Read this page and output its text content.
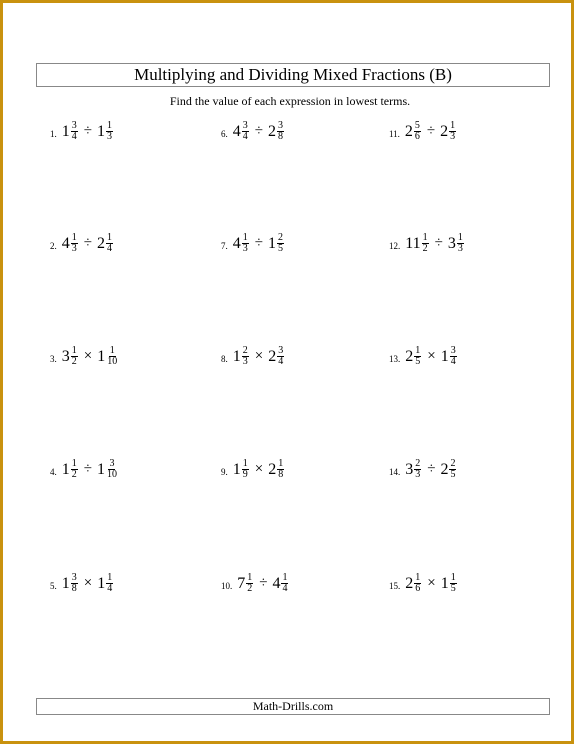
Multiplying and Dividing Mixed Fractions (B)
Find the value of each expression in lowest terms.
1. $1 \frac{3}{4} \div 1 \frac{1}{3}$	6. $4 \frac{3}{4} \div 2 \frac{3}{8}$	11. $2 \frac{5}{6} \div 2 \frac{1}{3}$
2. $4 \frac{1}{3} \div 2 \frac{1}{4}$	7. $4 \frac{1}{3} \div 1 \frac{2}{5}$	12. $11 \frac{1}{2} \div 3 \frac{1}{3}$
3. $3 \frac{1}{2} \times 1 \frac{1}{10}$	8. $1 \frac{2}{3} \times 2 \frac{3}{4}$	13. $2 \frac{1}{5} \times 1 \frac{3}{4}$
4. $1 \frac{1}{2} \div 1 \frac{3}{10}$	9. $1 \frac{1}{9} \times 2 \frac{1}{8}$	14. $3 \frac{2}{3} \div 2 \frac{2}{5}$
5. $1 \frac{3}{8} \times 1 \frac{1}{4}$	10. $7 \frac{1}{2} \div 4 \frac{1}{4}$	15. $2 \frac{1}{6} \times 1 \frac{1}{5}$
Math-Drills.com
